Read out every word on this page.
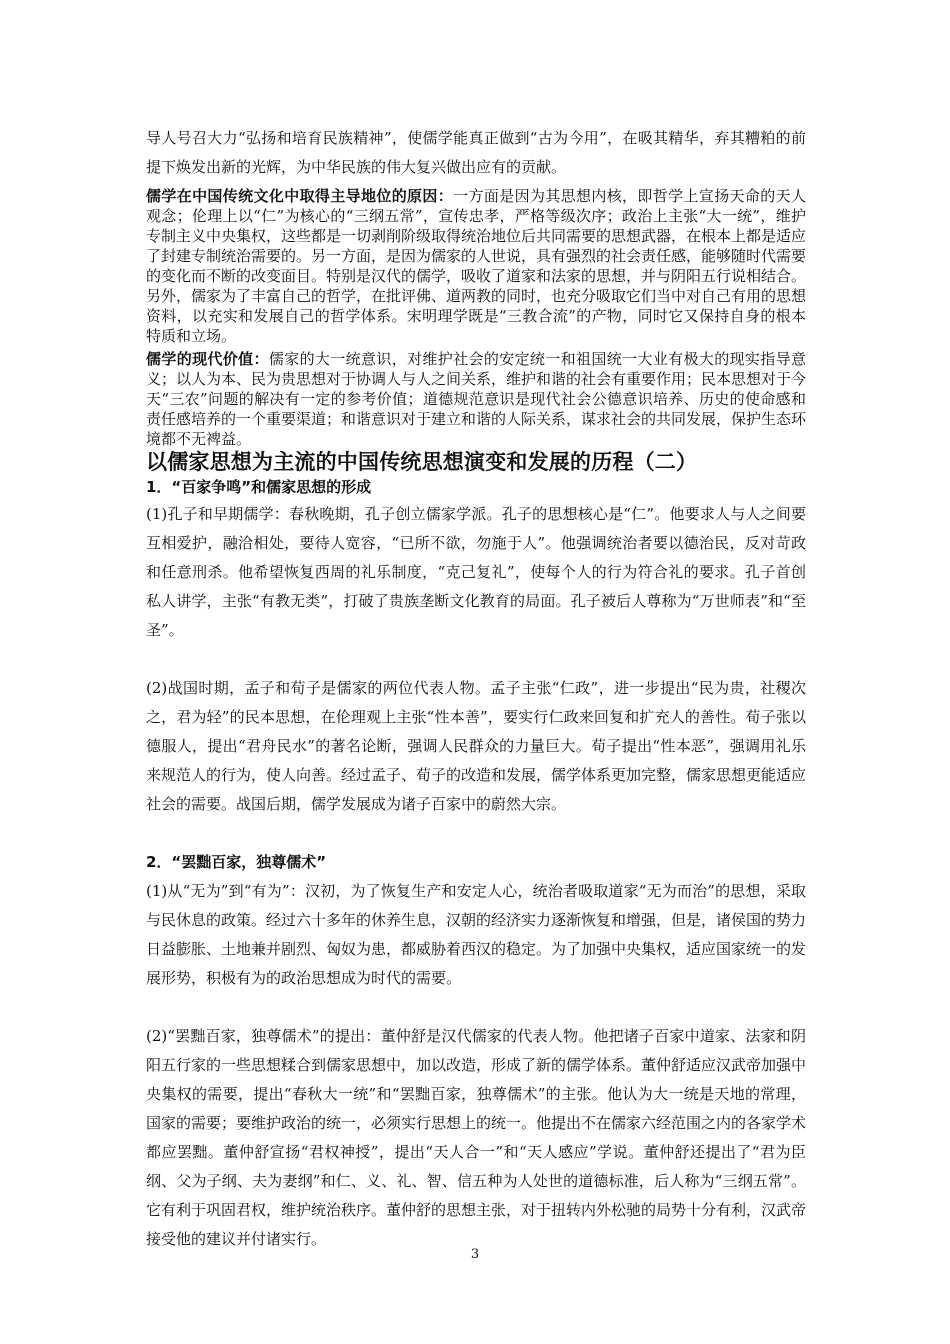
导人号召大力“弘扬和培育民族精神”，使儒学能真正做到“古为今用”，在吸其精华，弃其糟粕的前提下焕发出新的光辉，为中华民族的伟大复兴做出应有的贡献。

儒学在中国传统文化中取得主导地位的原因：一方面是因为其思想内核，即哲学上宣扬天命的天人观念；伦理上以“仁”为核心的“三纲五常”，宣传忠孝，严格等级次序；政治上主张“大一统”，维护专制主义中央集权，这些都是一切剥削阶级取得统治地位后共同需要的思想武器，在根本上都是适应了封建专制统治需要的。另一方面，是因为儒家的人世说，具有强烈的社会责任感，能够随时代需要的变化而不断的改变面目。特别是汉代的儒学，吸收了道家和法家的思想，并与阴阳五行说相结合。另外，儒家为了丰富自己的哲学，在批评佛、道两教的同时，也充分吸取它们当中对自己有用的思想资料，以充实和发展自己的哲学体系。宋明理学既是“三教合流”的产物，同时它又保持自身的根本特质和立场。

儒学的现代价值：儒家的大一统意识，对维护社会的安定统一和祖国统一大业有极大的现实指导意义；以人为本、民为贵思想对于协调人与人之间关系，维护和谐的社会有重要作用；民本思想对于今天“三农”问题的解决有一定的参考价值；道德规范意识是现代社会公德意识培养、历史的使命感和责任感培养的一个重要渠道；和谐意识对于建立和谐的人际关系，谋求社会的共同发展，保护生态环境都不无裨益。

以儒家思想为主流的中国传统思想演变和发展的历程（二）
1．“百家争鸣”和儒家思想的形成

(1)孔子和早期儒学：春秋晚期，孔子创立儒家学派。孔子的思想核心是“仁”。他要求人与人之间要互相爱护，融洽相处，要待人宽容，“已所不欲，勿施于人”。他强调统治者要以德治民，反对苛政和任意刑杀。他希望恢复西周的礼乐制度，“克己复礼”，使每个人的行为符合礼的要求。孔子首创私人讲学，主张“有教无类”，打破了贵族垄断文化教育的局面。孔子被后人尊称为“万世师表”和“至圣”。

(2)战国时期，孟子和荀子是儒家的两位代表人物。孟子主张“仁政”，进一步提出“民为贵，社稷次之，君为轻”的民本思想，在伦理观上主张“性本善”，要实行仁政来回复和扩充人的善性。荀子张以德服人，提出“君舟民水”的著名论断，强调人民群众的力量巨大。荀子提出“性本恶”，强调用礼乐来规范人的行为，使人向善。经过孟子、荀子的改造和发展，儒学体系更加完整，儒家思想更能适应社会的需要。战国后期，儒学发展成为诸子百家中的蔚然大宗。

2．“罢黜百家，独尊儒术”

(1)从“无为”到“有为”：汉初，为了恢复生产和安定人心，统治者吸取道家“无为而治”的思想，采取与民休息的政策。经过六十多年的休养生息，汉朝的经济实力逐渐恢复和增强，但是，诸侯国的势力日益膨胀、土地兼并剧烈、匈奴为患，都威胁着西汉的稳定。为了加强中央集权，适应国家统一的发展形势，积极有为的政治思想成为时代的需要。

(2)“罢黜百家，独尊儒术”的提出：董仲舒是汉代儒家的代表人物。他把诸子百家中道家、法家和阴阳五行家的一些思想糅合到儒家思想中，加以改造，形成了新的儒学体系。董仲舒适应汉武帝加强中央集权的需要，提出“春秋大一统”和“罢黜百家，独尊儒术”的主张。他认为大一统是天地的常理，国家的需要；要维护政治的统一，必须实行思想上的统一。他提出不在儒家六经范围之内的各家学术都应罢黜。董仲舒宣扬“君权神授”，提出“天人合一”和“天人感应”学说。董仲舒还提出了“君为臣纲、父为子纲、夫为妻纲”和仁、义、礼、智、信五种为人处世的道德标准，后人称为“三纲五常”。它有利于巩固君权，维护统治秩序。董仲舒的思想主张，对于扭转内外松驰的局势十分有利，汉武帝接受他的建议并付诸实行。

3
